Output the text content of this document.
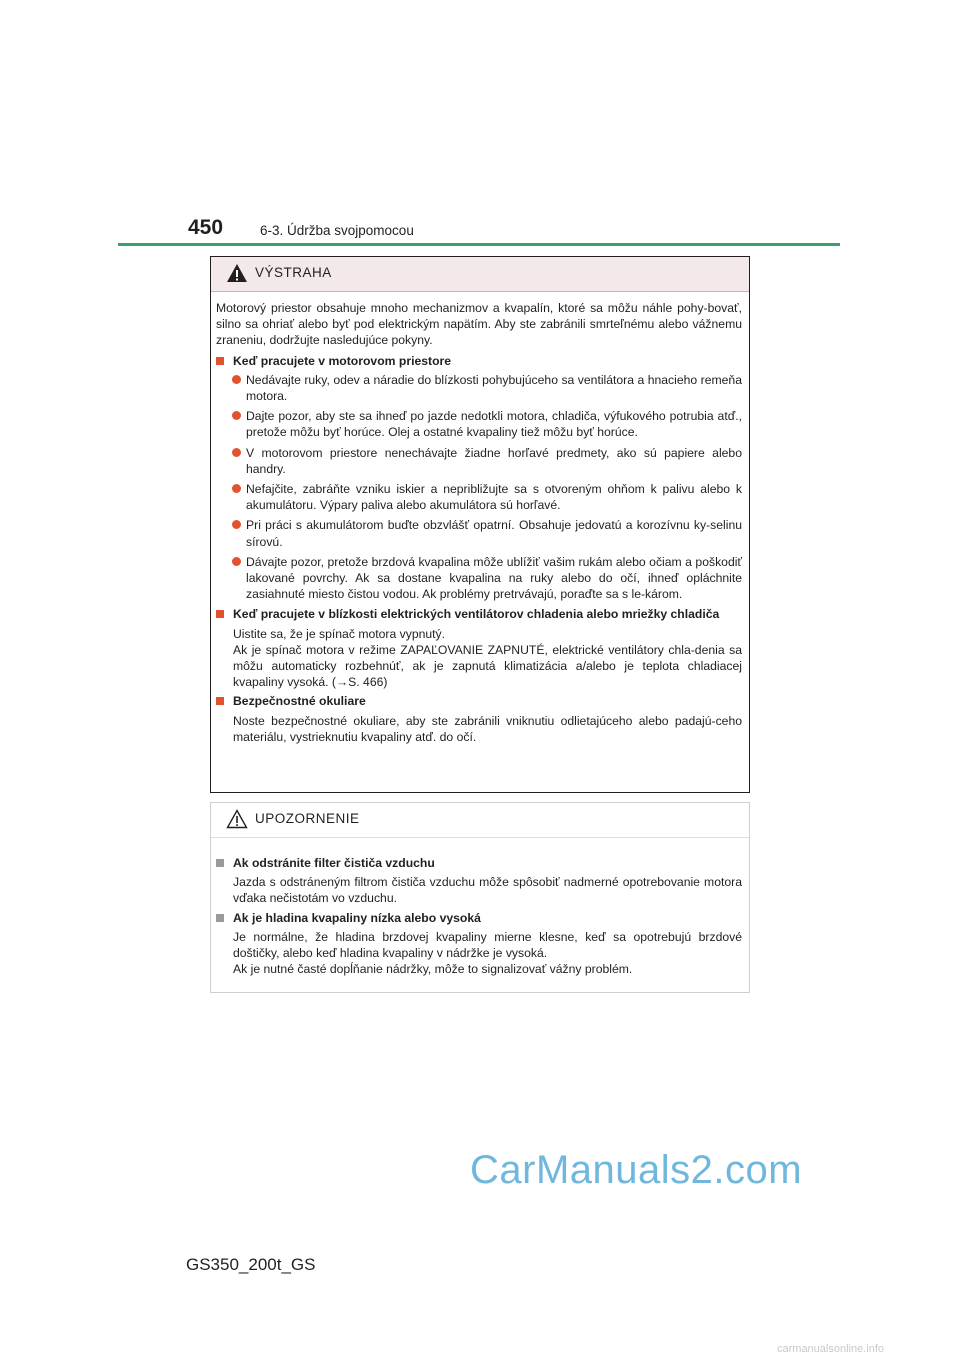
450	6-3. Údržba svojpomocou
VÝSTRAHA

Motorový priestor obsahuje mnoho mechanizmov a kvapalín, ktoré sa môžu náhle pohy-bovať, silno sa ohriať alebo byť pod elektrickým napätím. Aby ste zabránili smrteľnému alebo vážnemu zraneniu, dodržujte nasledujúce pokyny.

Keď pracujete v motorovom priestore
Nedávajte ruky, odev a náradie do blízkosti pohybujúceho sa ventilátora a hnacieho remeňa motora.
Dajte pozor, aby ste sa ihneď po jazde nedotkli motora, chladiča, výfukového potrubia atď., pretože môžu byť horúce. Olej a ostatné kvapaliny tiež môžu byť horúce.
V motorovom priestore nenechávajte žiadne horľavé predmety, ako sú papiere alebo handry.
Nefajčite, zabráňte vzniku iskier a nepribližujte sa s otvoreným ohňom k palivu alebo k akumulátoru. Výpary paliva alebo akumulátora sú horľavé.
Pri práci s akumulátorom buďte obzvlášť opatrní. Obsahuje jedovatú a korozívnu ky-selinu sírovú.
Dávajte pozor, pretože brzdová kvapalina môže ublížiť vašim rukám alebo očiam a poškodiť lakované povrchy. Ak sa dostane kvapalina na ruky alebo do očí, ihneď opláchnite zasiahnuté miesto čistou vodou. Ak problémy pretrvávajú, poraďte sa s le-károm.
Keď pracujete v blízkosti elektrických ventilátorov chladenia alebo mriežky chladiča

Uistite sa, že je spínač motora vypnutý.

Ak je spínač motora v režime ZAPAĽOVANIE ZAPNUTÉ, elektrické ventilátory chla-denia sa môžu automaticky rozbehnúť, ak je zapnutá klimatizácia a/alebo je teplota chladiacej kvapaliny vysoká. (→S. 466)

Bezpečnostné okuliare

Noste bezpečnostné okuliare, aby ste zabránili vniknutiu odlietajúceho alebo padajú-ceho materiálu, vystrieknutiu kvapaliny atď. do očí.

UPOZORNENIE
Ak odstránite filter čističa vzduchu

Jazda s odstráneným filtrom čističa vzduchu môže spôsobiť nadmerné opotrebovanie motora vďaka nečistotám vo vzduchu.

Ak je hladina kvapaliny nízka alebo vysoká

Je normálne, že hladina brzdovej kvapaliny mierne klesne, keď sa opotrebujú brzdové doštičky, alebo keď hladina kvapaliny v nádržke je vysoká.

Ak je nutné časté dopĺňanie nádržky, môže to signalizovať vážny problém.

CarManuals2.com
GS350_200t_GS
carmanualsonline.info
